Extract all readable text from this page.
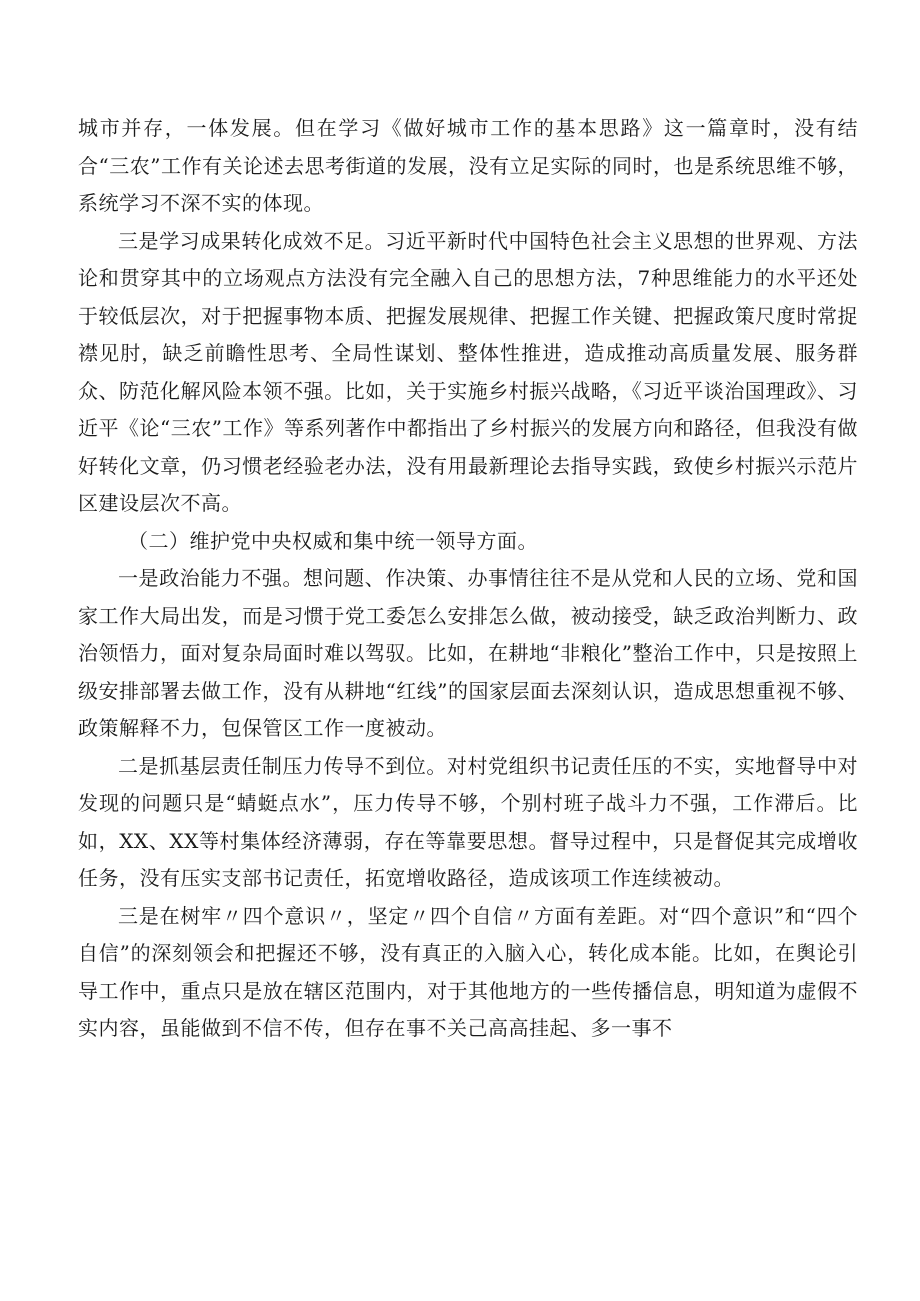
城市并存，一体发展。但在学习《做好城市工作的基本思路》这一篇章时，没有结合“三农”工作有关论述去思考街道的发展，没有立足实际的同时，也是系统思维不够，系统学习不深不实的体现。

三是学习成果转化成效不足。习近平新时代中国特色社会主义思想的世界观、方法论和贯穿其中的立场观点方法没有完全融入自己的思想方法，7种思维能力的水平还处于较低层次，对于把握事物本质、把握发展规律、把握工作关键、把握政策尺度时常捉襟见肘，缺乏前瞻性思考、全局性谋划、整体性推进，造成推动高质量发展、服务群众、防范化解风险本领不强。比如，关于实施乡村振兴战略，《习近平谈治国理政》、习近平《论“三农”工作》等系列著作中都指出了乡村振兴的发展方向和路径，但我没有做好转化文章，仍习惯老经验老办法，没有用最新理论去指导实践，致使乡村振兴示范片区建设层次不高。

（二）维护党中央权威和集中统一领导方面。

一是政治能力不强。想问题、作决策、办事情往往不是从党和人民的立场、党和国家工作大局出发，而是习惯于党工委怎么安排怎么做，被动接受，缺乏政治判断力、政治领悟力，面对复杂局面时难以驾驭。比如，在耕地“非粮化”整治工作中，只是按照上级安排部署去做工作，没有从耕地“红线”的国家层面去深刻认识，造成思想重视不够、政策解释不力，包保管区工作一度被动。

二是抓基层责任制压力传导不到位。对村党组织书记责任压的不实，实地督导中对发现的问题只是“蜻蜓点水”，压力传导不够，个别村班子战斗力不强，工作滞后。比如，XX、XX等村集体经济薄弱，存在等靠要思想。督导过程中，只是督促其完成增收任务，没有压实支部书记责任，拓宽增收路径，造成该项工作连续被动。

三是在树牢〃四个意识〃，坚定〃四个自信〃方面有差距。对“四个意识”和“四个自信”的深刻领会和把握还不够，没有真正的入脑入心，转化成本能。比如，在舆论引导工作中，重点只是放在辖区范围内，对于其他地方的一些传播信息，明知道为虚假不实内容，虽能做到不信不传，但存在事不关己高高挂起、多一事不
